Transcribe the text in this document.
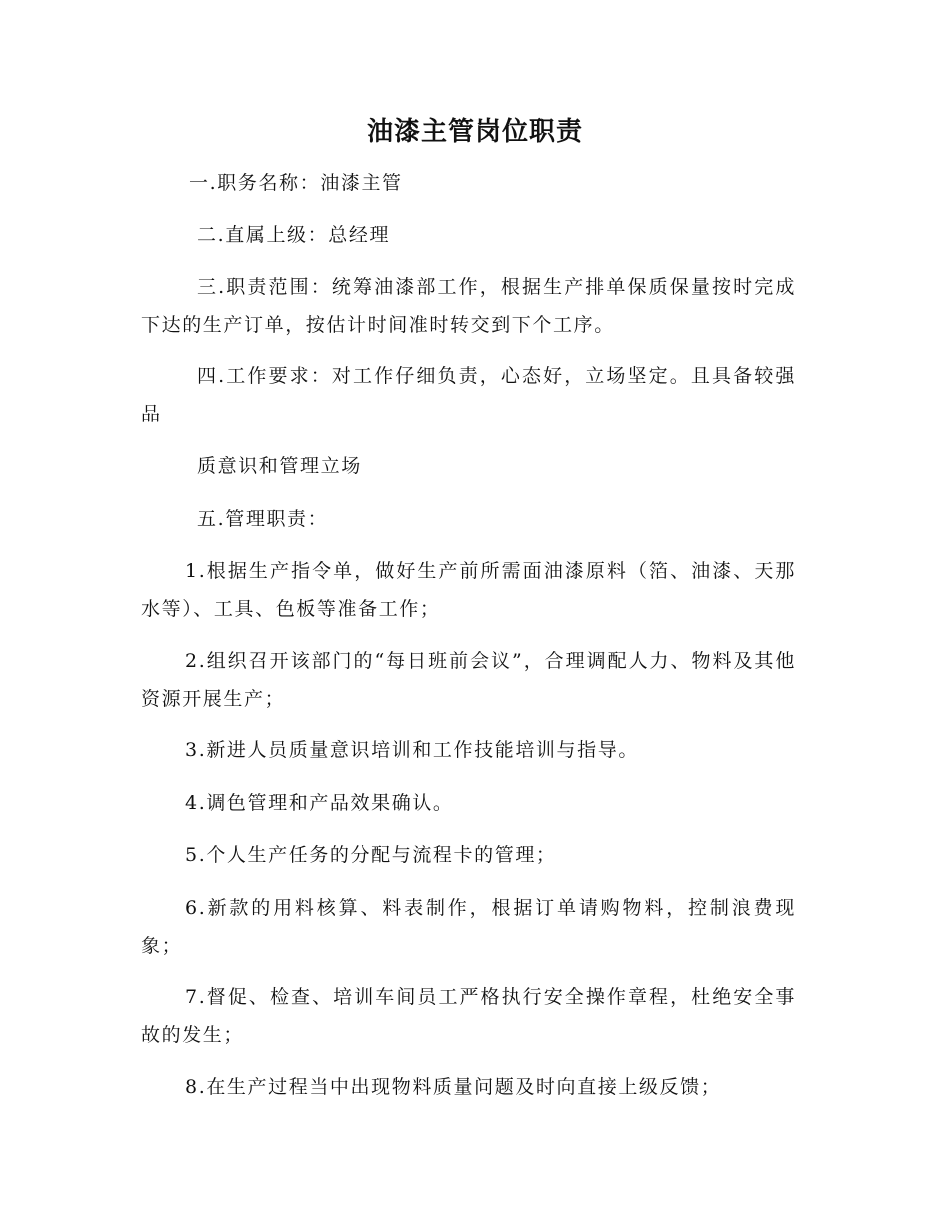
油漆主管岗位职责
一.职务名称：油漆主管
二.直属上级：总经理
三.职责范围：统筹油漆部工作，根据生产排单保质保量按时完成下达的生产订单，按估计时间准时转交到下个工序。
四.工作要求：对工作仔细负责，心态好，立场坚定。且具备较强品
质意识和管理立场
五.管理职责：
1.根据生产指令单，做好生产前所需面油漆原料（箔、油漆、天那水等）、工具、色板等准备工作；
2.组织召开该部门的“每日班前会议”，合理调配人力、物料及其他资源开展生产；
3.新进人员质量意识培训和工作技能培训与指导。
4.调色管理和产品效果确认。
5.个人生产任务的分配与流程卡的管理；
6.新款的用料核算、料表制作，根据订单请购物料，控制浪费现象；
7.督促、检查、培训车间员工严格执行安全操作章程，杜绝安全事故的发生；
8.在生产过程当中出现物料质量问题及时向直接上级反馈；
